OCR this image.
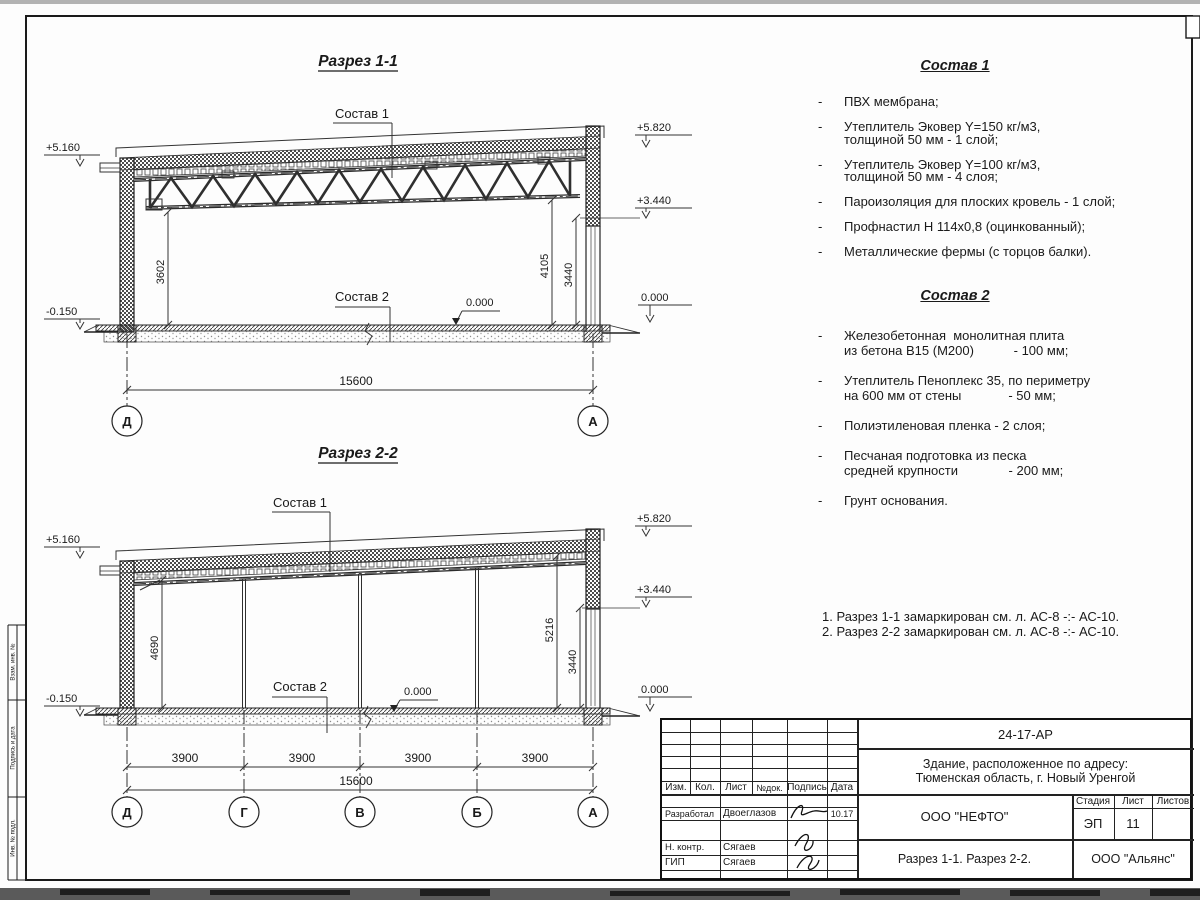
Взам. инв. №
Подпись и дата
Инв. № подл.
Разрез 1-1
Состав 1
Состав 2	0.000
+5.160
-0.150
+5.820
+3.440
0.000
3602	4105 3440
15600
Д	А
Разрез 2-2
Состав 1
Состав 2	0.000
+5.160
-0.150
+5.820
+3.440
0.000
4690
5216
3440
3900	3900	3900	3900
15600
Д	Г	В	Б	А
Состав 1
-	ПВХ мембрана;

-	Утеплитель Эковер Y=150 кг/м3,
толщиной 50 мм - 1 слой;
-	Утеплитель Эковер Y=100 кг/м3,
толщиной 50 мм - 4 слоя;
-	Пароизоляция для плоских кровель - 1 слой;
-	Профнастил Н 114х0,8 (оцинкованный);
-	Металлические фермы (с торцов балки).
Состав 2
-	Железобетонная  монолитная плита
из бетона В15 (М200)           - 100 мм;
-	Утеплитель Пеноплекс 35, по периметру
на 600 мм от стены             - 50 мм;
-	Полиэтиленовая пленка - 2 слоя;
-	Песчаная подготовка из песка
средней крупности              - 200 мм;
-	Грунт основания.
1. Разрез 1-1 замаркирован см. л. АС-8 -:- АС-10.
2. Разрез 2-2 замаркирован см. л. АС-8 -:- АС-10.
Изм. Кол.	Лист	№док. Подпись Дата
Разработал Двоеглазов	10.17
Н. контр.	Сягаев
ГИП	Сягаев
24-17-АР
Здание, расположенное по адресу:
Тюменская область, г. Новый Уренгой
ООО "НЕФТО"
Стадия	Лист	Листов
ЭП	11
Разрез 1-1. Разрез 2-2.	ООО "Альянс"
